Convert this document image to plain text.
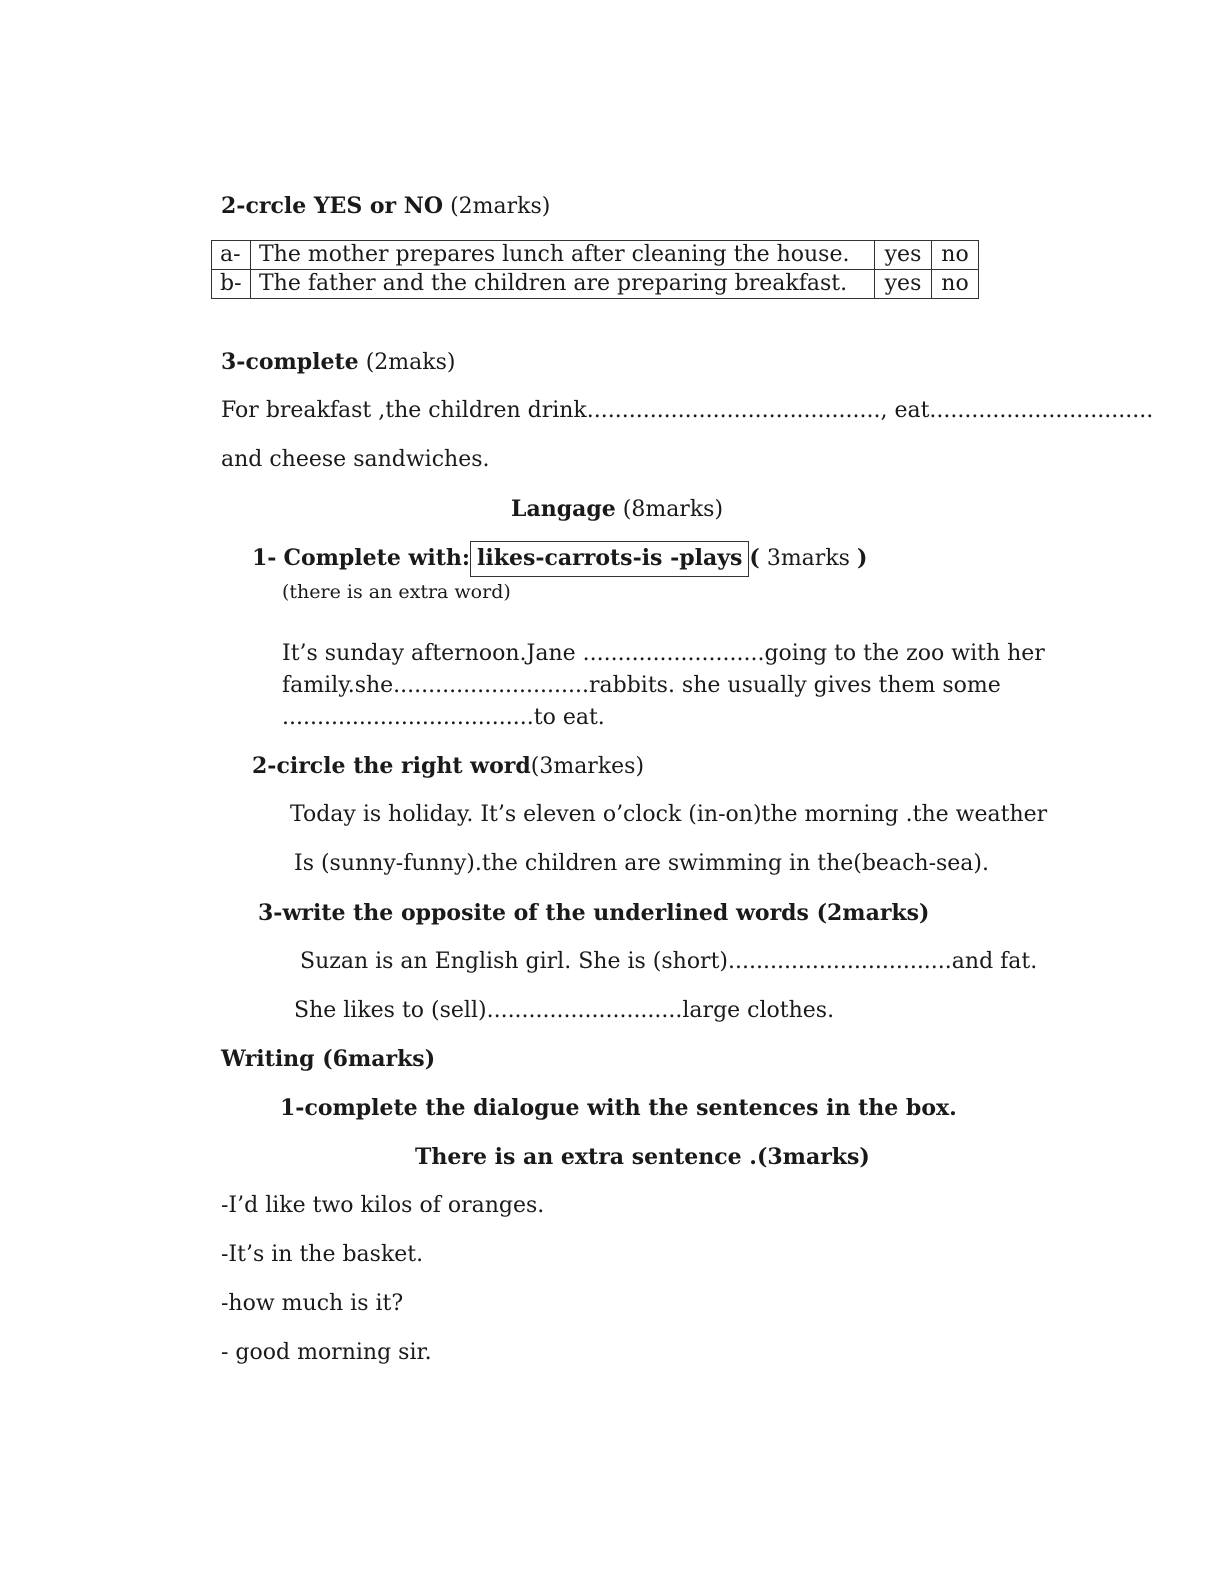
2-crcle YES or NO (2marks)
a-	The mother prepares lunch after cleaning the house.	yes	no
b-	The father and the children are preparing breakfast.	yes	no
3-complete (2maks)
For breakfast ,the children drink.........................................., eat................................
and cheese sandwiches.
Langage (8marks)
1- Complete with: likes-carrots-is -plays ( 3marks )
(there is an extra word)
It’s sunday afternoon.Jane ..........................going to the zoo with her
family.she............................rabbits. she usually gives them some
....................................to eat.
2-circle the right word(3markes)
Today is holiday. It’s eleven o’clock (in-on)the morning .the weather
Is (sunny-funny).the children are swimming in the(beach-sea).
3-write the opposite of the underlined words (2marks)
Suzan is an English girl. She is (short)................................and fat.
She likes to (sell)............................large clothes.
Writing (6marks)
1-complete the dialogue with the sentences in the box.
There is an extra sentence .(3marks)
-I’d like two kilos of oranges.
-It’s in the basket.
-how much is it?
- good morning sir.
